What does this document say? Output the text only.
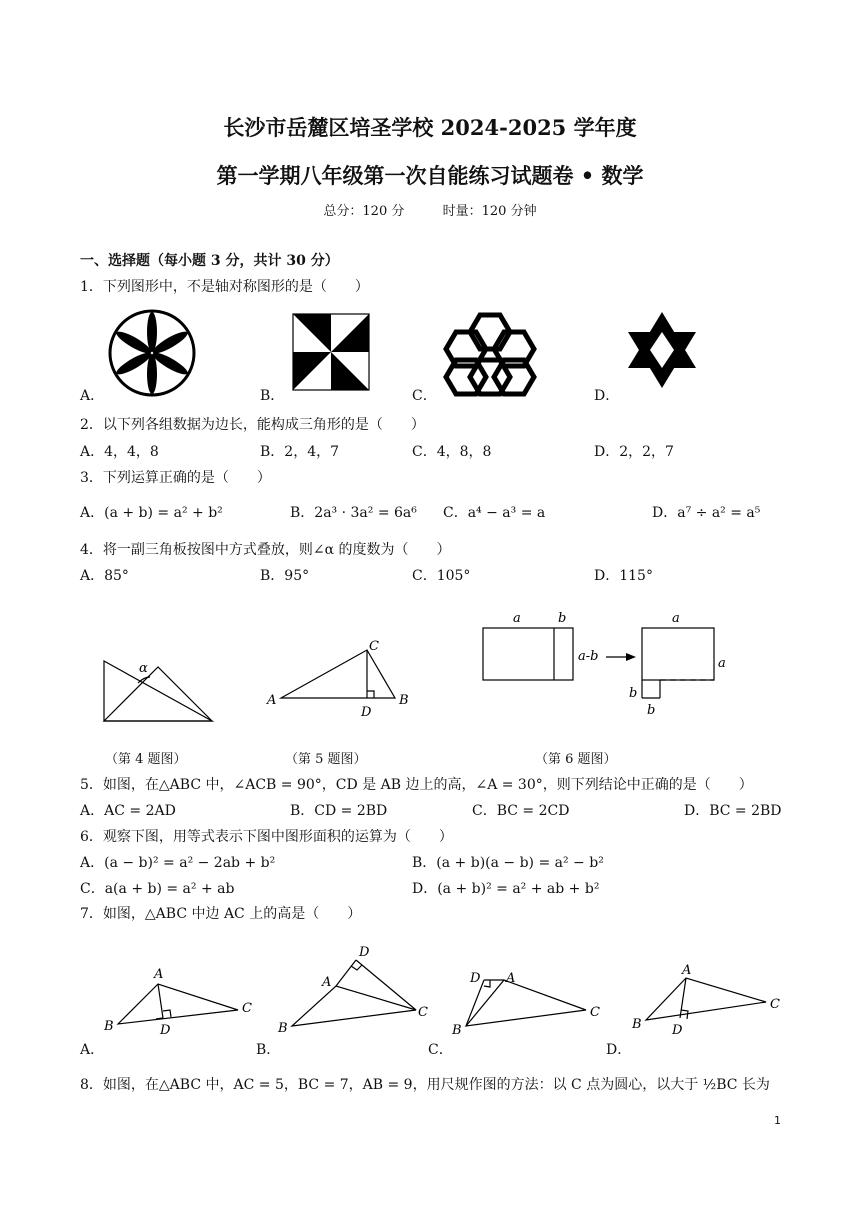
长沙市岳麓区培圣学校 2024-2025 学年度
第一学期八年级第一次自能练习试题卷 • 数学
总分：120 分	时量：120 分钟
一、选择题（每小题 3 分，共计 30 分）
1．下列图形中，不是轴对称图形的是（　　）
A．	B．	C．	D．
2．以下列各组数据为边长，能构成三角形的是（　　）
A．4，4，8	B．2，4，7	C．4，8，8	D．2，2，7
3．下列运算正确的是（　　）
A．(a + b) = a² + b²	B．2a³ · 3a² = 6a⁶ C．a⁴ − a³ = a	D．a⁷ ÷ a² = a⁵
4．将一副三角板按图中方式叠放，则∠α 的度数为（　　）
A．85°	B．95°	C．105°	D．115°
α
A	B
C
D
a	b
a-b
a
a
b
b
（第 4 题图）	（第 5 题图）	（第 6 题图）
5．如图，在△ABC 中，∠ACB = 90°，CD 是 AB 边上的高，∠A = 30°，则下列结论中正确的是（　　）
A．AC = 2AD	B．CD = 2BD	C．BC = 2CD	D．BC = 2BD
6．观察下图，用等式表示下图中图形面积的运算为（　　）
A．(a − b)² = a² − 2ab + b²	B．(a + b)(a − b) = a² − b²
C．a(a + b) = a² + ab	D．(a + b)² = a² + ab + b²
7．如图，△ABC 中边 AC 上的高是（　　）
A
B
C
D
A
B
C
D
A
B
C
D
A
B
C
D
A．	B．	C．	D．
8．如图，在△ABC 中，AC = 5，BC = 7，AB = 9，用尺规作图的方法：以 C 点为圆心，以大于 ½BC 长为
1
